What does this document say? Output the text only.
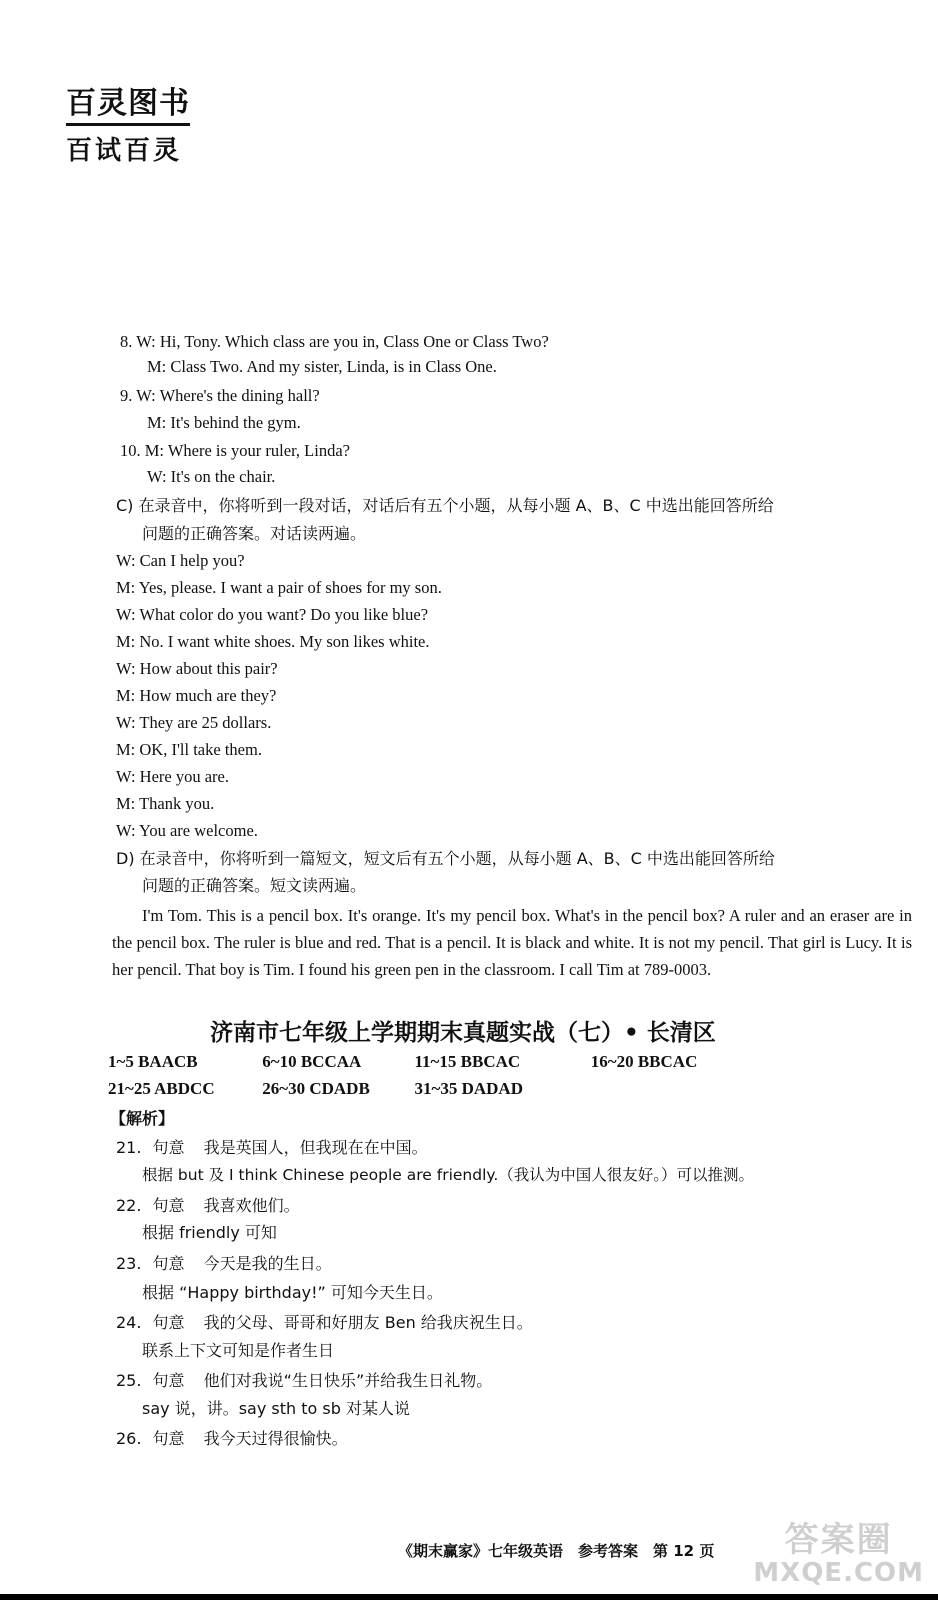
百灵图书
百试百灵
8. W: Hi, Tony. Which class are you in, Class One or Class Two?
M: Class Two. And my sister, Linda, is in Class One.
9. W: Where's the dining hall?
M: It's behind the gym.
10. M: Where is your ruler, Linda?
W: It's on the chair.
C) 在录音中，你将听到一段对话，对话后有五个小题，从每小题 A、B、C 中选出能回答所给
问题的正确答案。对话读两遍。
W: Can I help you?
M: Yes, please. I want a pair of shoes for my son.
W: What color do you want? Do you like blue?
M: No. I want white shoes. My son likes white.
W: How about this pair?
M: How much are they?
W: They are 25 dollars.
M: OK, I'll take them.
W: Here you are.
M: Thank you.
W: You are welcome.
D) 在录音中，你将听到一篇短文，短文后有五个小题，从每小题 A、B、C 中选出能回答所给
问题的正确答案。短文读两遍。
I'm Tom. This is a pencil box. It's orange. It's my pencil box. What's in the pencil box? A ruler and an eraser are in the pencil box. The ruler is blue and red. That is a pencil. It is black and white. It is not my pencil. That girl is Lucy. It is her pencil. That boy is Tim. I found his green pen in the classroom. I call Tim at 789-0003.
济南市七年级上学期期末真题实战（七）• 长清区
1~5 BAACB	6~10 BCCAA	11~15 BBCAC	16~20 BBCAC
21~25 ABDCC	26~30 CDADB	31~35 DADAD
【解析】
21. 句意 我是英国人，但我现在在中国。
根据 but 及 I think Chinese people are friendly.（我认为中国人很友好。）可以推测。
22. 句意 我喜欢他们。
根据 friendly 可知
23. 句意 今天是我的生日。
根据 “Happy birthday!” 可知今天生日。
24. 句意 我的父母、哥哥和好朋友 Ben 给我庆祝生日。
联系上下文可知是作者生日
25. 句意 他们对我说“生日快乐”并给我生日礼物。
say 说，讲。say sth to sb 对某人说
26. 句意 我今天过得很愉快。
《期末赢家》七年级英语　参考答案　第 12 页	答案圈
MXQE.COM
